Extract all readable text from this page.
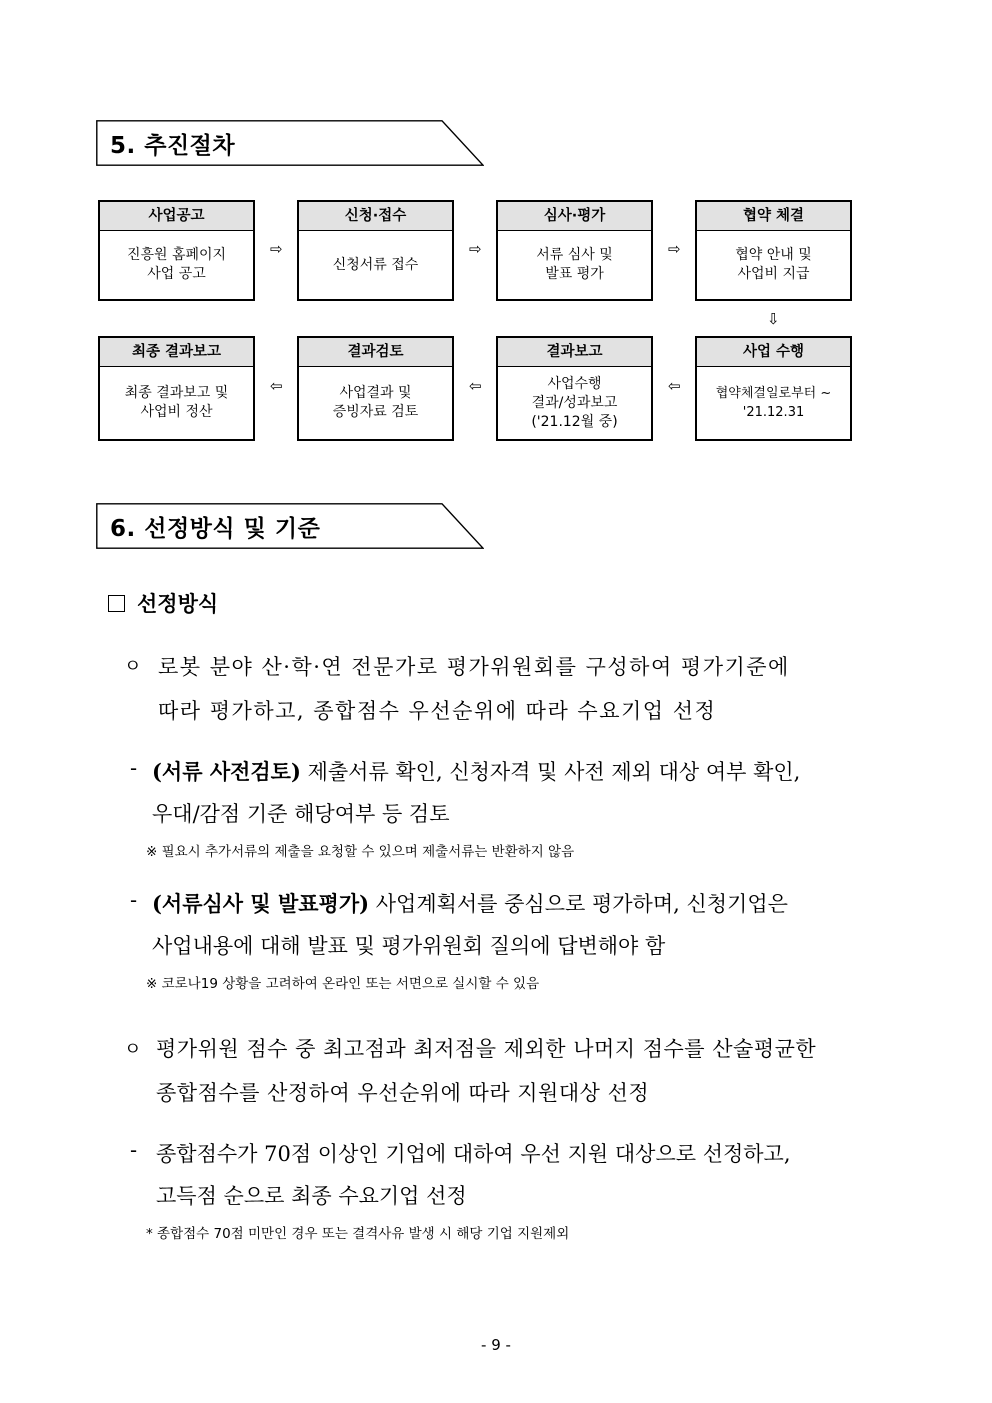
5. 추진절차
사업공고
진흥원 홈페이지
사업 공고
⇨
신청·접수
신청서류 접수
⇨
심사·평가
서류 심사 및
발표 평가
⇨
협약 체결
협약 안내 및
사업비 지급
⇩
최종 결과보고
최종 결과보고 및
사업비 정산
⇦
결과검토
사업결과 및
증빙자료 검토
⇦
결과보고
사업수행
결과/성과보고
('21.12월 중)
⇦
사업 수행
협약체결일로부터 ~
'21.12.31
6. 선정방식 및 기준
선정방식
ㅇ 로봇 분야 산·학·연 전문가로 평가위원회를 구성하여 평가기준에
따라 평가하고, 종합점수 우선순위에 따라 수요기업 선정
- (서류 사전검토) 제출서류 확인, 신청자격 및 사전 제외 대상 여부 확인,
우대/감점 기준 해당여부 등 검토
※ 필요시 추가서류의 제출을 요청할 수 있으며 제출서류는 반환하지 않음
- (서류심사 및 발표평가) 사업계획서를 중심으로 평가하며, 신청기업은
사업내용에 대해 발표 및 평가위원회 질의에 답변해야 함
※ 코로나19 상황을 고려하여 온라인 또는 서면으로 실시할 수 있음
ㅇ 평가위원 점수 중 최고점과 최저점을 제외한 나머지 점수를 산술평균한
종합점수를 산정하여 우선순위에 따라 지원대상 선정
- 종합점수가 70점 이상인 기업에 대하여 우선 지원 대상으로 선정하고,
고득점 순으로 최종 수요기업 선정
* 종합점수 70점 미만인 경우 또는 결격사유 발생 시 해당 기업 지원제외
- 9 -
